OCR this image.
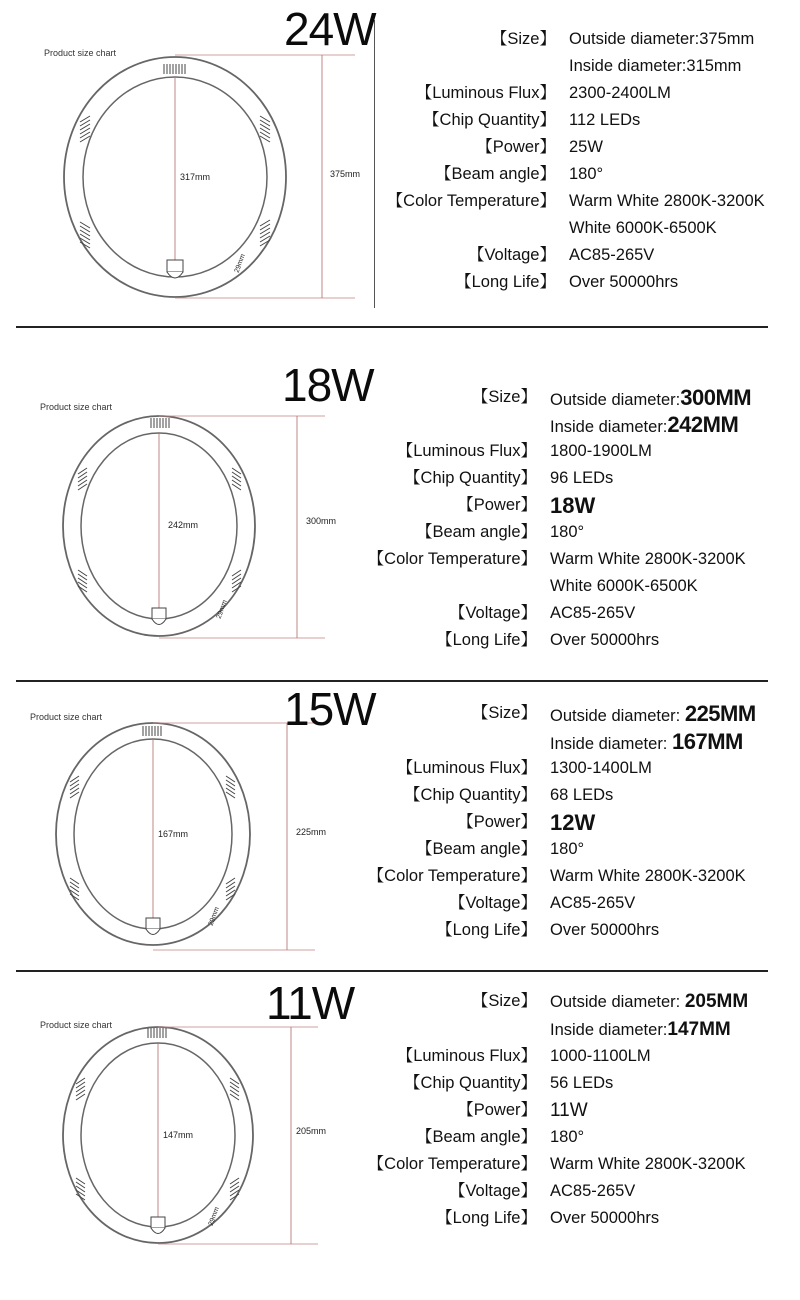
Product size chart
317mm	375mm
29mm
24W	【Size】 Outside diameter:375mm
Inside diameter:315mm
【Luminous Flux】 2300-2400LM
【Chip Quantity】 112 LEDs
【Power】 25W
【Beam angle】 180°
【Color Temperature】 Warm White 2800K-3200K
White 6000K-6500K
【Voltage】 AC85-265V
【Long Life】 Over 50000hrs
Product size chart
242mm	300mm
29mm
18W	【Size】 Outside diameter:300MM
Inside diameter:242MM
【Luminous Flux】 1800-1900LM
【Chip Quantity】 96 LEDs
【Power】 18W
【Beam angle】 180°
【Color Temperature】 Warm White 2800K-3200K
White 6000K-6500K
【Voltage】 AC85-265V
【Long Life】 Over 50000hrs
Product size chart
167mm	225mm
29mm
15W	【Size】 Outside diameter: 225MM
Inside diameter: 167MM
【Luminous Flux】 1300-1400LM
【Chip Quantity】 68 LEDs
【Power】 12W
【Beam angle】 180°
【Color Temperature】 Warm White 2800K-3200K
【Voltage】 AC85-265V
【Long Life】 Over 50000hrs
Product size chart
147mm	205mm
29mm
11W	【Size】 Outside diameter: 205MM
Inside diameter:147MM
【Luminous Flux】 1000-1100LM
【Chip Quantity】 56 LEDs
【Power】 11W
【Beam angle】 180°
【Color Temperature】 Warm White 2800K-3200K
【Voltage】 AC85-265V
【Long Life】 Over 50000hrs
